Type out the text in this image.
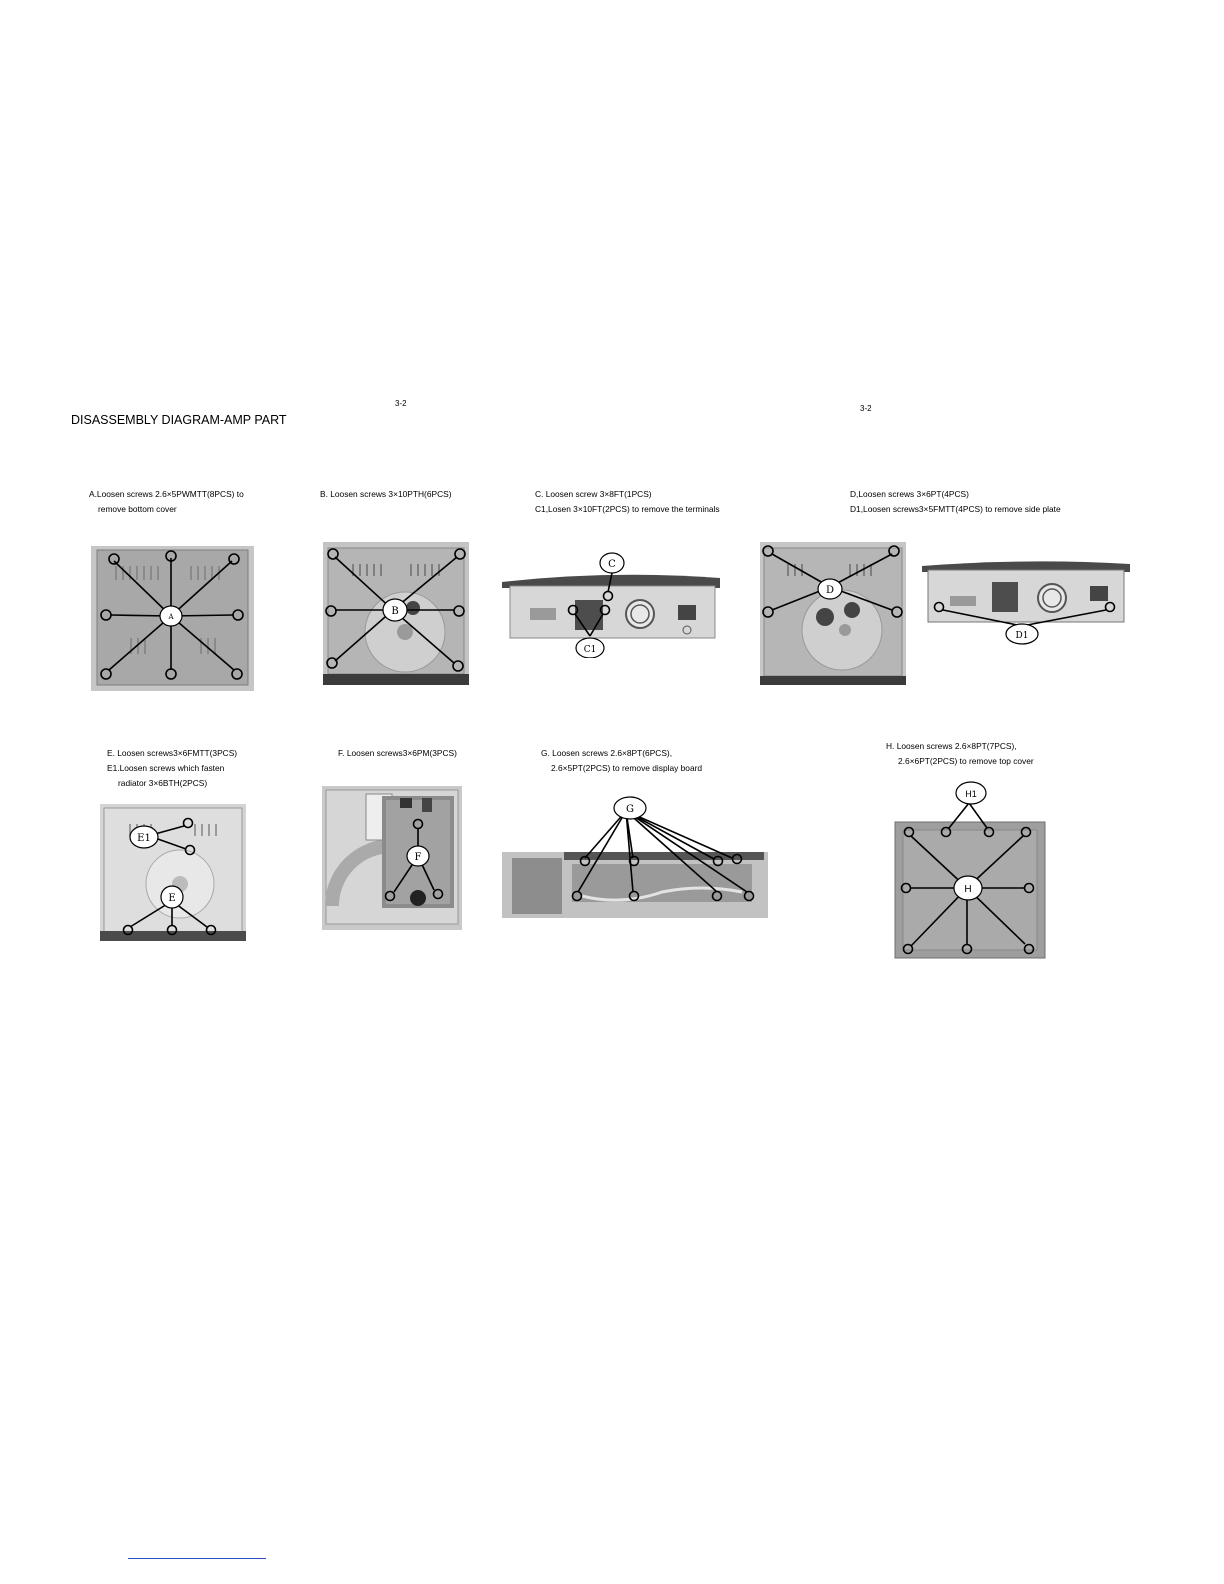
3-2
3-2
DISASSEMBLY DIAGRAM-AMP PART
A.Loosen screws 2.6×5PWMTT(8PCS) to
remove bottom cover
B. Loosen screws 3×10PTH(6PCS)	C. Loosen screw 3×8FT(1PCS)
C1,Losen 3×10FT(2PCS) to remove the terminals
D,Loosen screws 3×6PT(4PCS)
D1,Loosen screws3×5FMTT(4PCS) to remove side plate
A	B
C
C1
D
D1
E. Loosen screws3×6FMTT(3PCS)
E1.Loosen screws which fasten
radiator 3×6BTH(2PCS)
F. Loosen screws3×6PM(3PCS)	G. Loosen screws 2.6×8PT(6PCS),
2.6×5PT(2PCS) to remove display board
H. Loosen screws 2.6×8PT(7PCS),
2.6×6PT(2PCS) to remove top cover
E1
E
F
G
H1
H
